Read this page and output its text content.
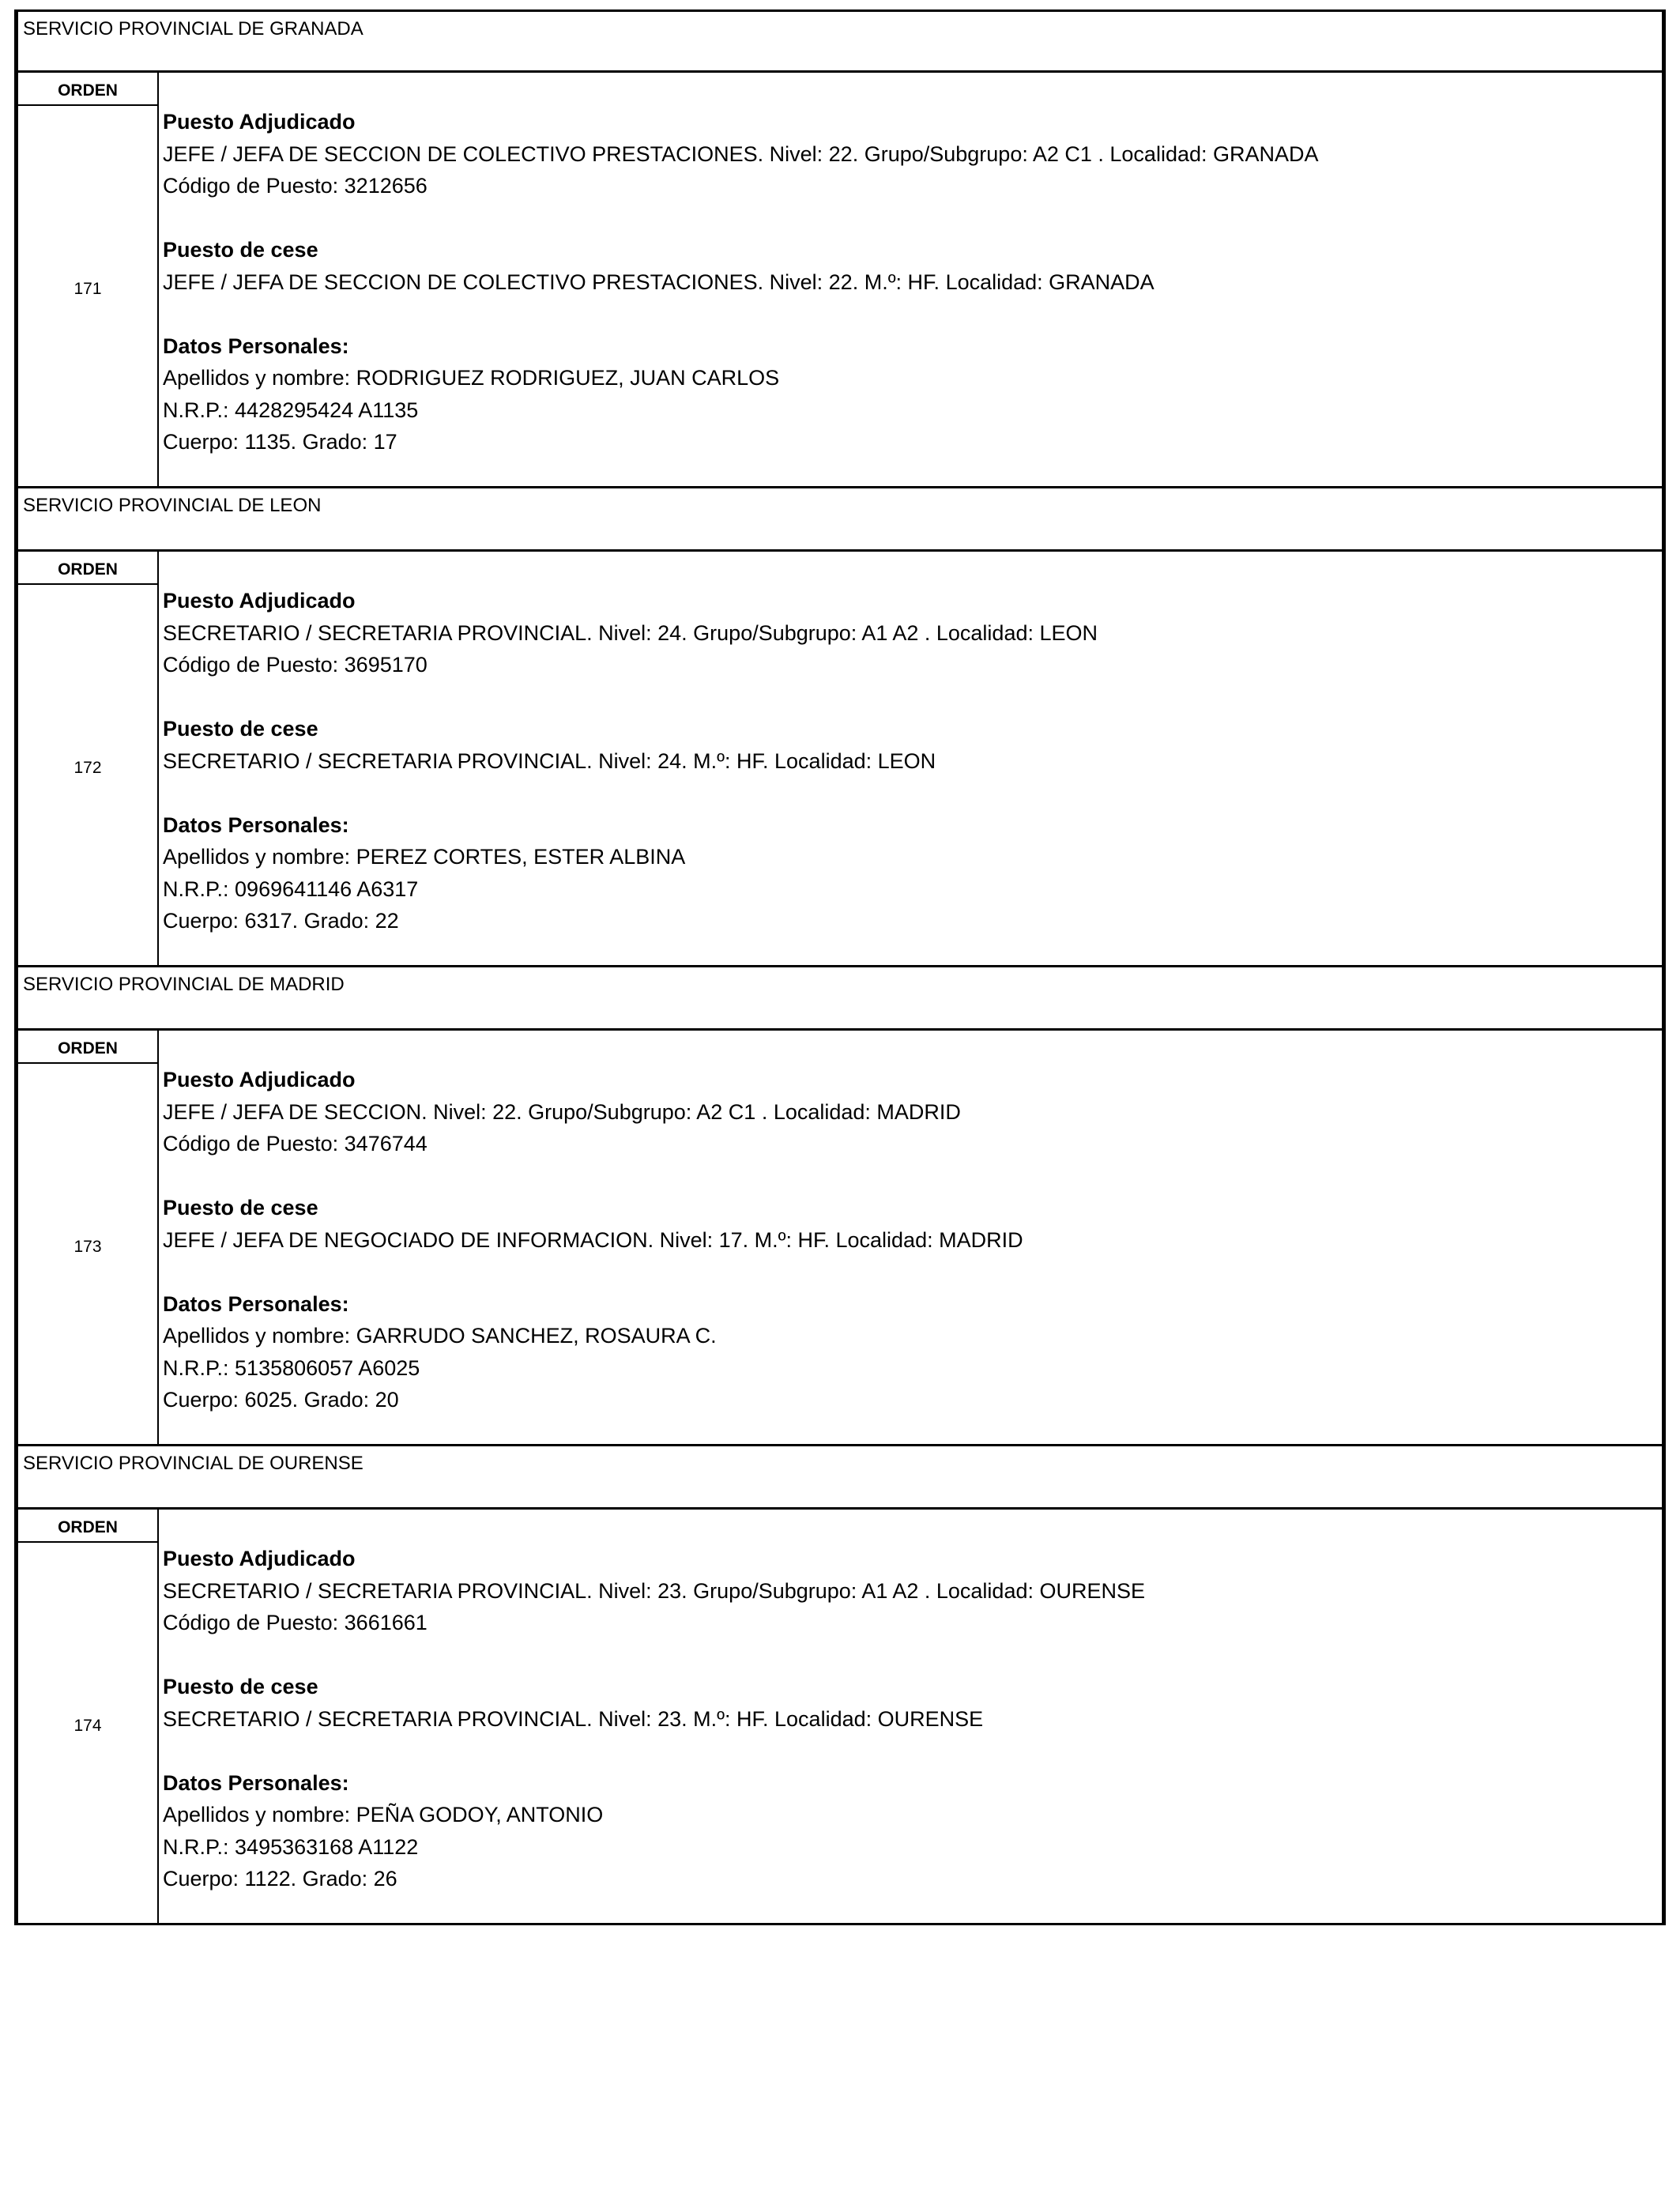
SERVICIO PROVINCIAL DE GRANADA
ORDEN
171
Puesto Adjudicado
JEFE / JEFA DE SECCION DE COLECTIVO PRESTACIONES. Nivel: 22. Grupo/Subgrupo: A2 C1 . Localidad: GRANADA
Código de Puesto: 3212656
Puesto de cese
JEFE / JEFA DE SECCION DE COLECTIVO PRESTACIONES. Nivel: 22. M.º: HF. Localidad: GRANADA
Datos Personales:
Apellidos y nombre: RODRIGUEZ RODRIGUEZ, JUAN CARLOS
N.R.P.: 4428295424 A1135
Cuerpo: 1135. Grado: 17
SERVICIO PROVINCIAL DE LEON
ORDEN
172
Puesto Adjudicado
SECRETARIO / SECRETARIA PROVINCIAL. Nivel: 24. Grupo/Subgrupo: A1 A2 . Localidad: LEON
Código de Puesto: 3695170
Puesto de cese
SECRETARIO / SECRETARIA PROVINCIAL. Nivel: 24. M.º: HF. Localidad: LEON
Datos Personales:
Apellidos y nombre: PEREZ CORTES, ESTER ALBINA
N.R.P.: 0969641146 A6317
Cuerpo: 6317. Grado: 22
SERVICIO PROVINCIAL DE MADRID
ORDEN
173
Puesto Adjudicado
JEFE / JEFA DE SECCION. Nivel: 22. Grupo/Subgrupo: A2 C1 . Localidad: MADRID
Código de Puesto: 3476744
Puesto de cese
JEFE / JEFA DE NEGOCIADO DE INFORMACION. Nivel: 17. M.º: HF. Localidad: MADRID
Datos Personales:
Apellidos y nombre: GARRUDO SANCHEZ, ROSAURA C.
N.R.P.: 5135806057 A6025
Cuerpo: 6025. Grado: 20
SERVICIO PROVINCIAL DE OURENSE
ORDEN
174
Puesto Adjudicado
SECRETARIO / SECRETARIA PROVINCIAL. Nivel: 23. Grupo/Subgrupo: A1 A2 . Localidad: OURENSE
Código de Puesto: 3661661
Puesto de cese
SECRETARIO / SECRETARIA PROVINCIAL. Nivel: 23. M.º: HF. Localidad: OURENSE
Datos Personales:
Apellidos y nombre: PEÑA GODOY, ANTONIO
N.R.P.: 3495363168 A1122
Cuerpo: 1122. Grado: 26
